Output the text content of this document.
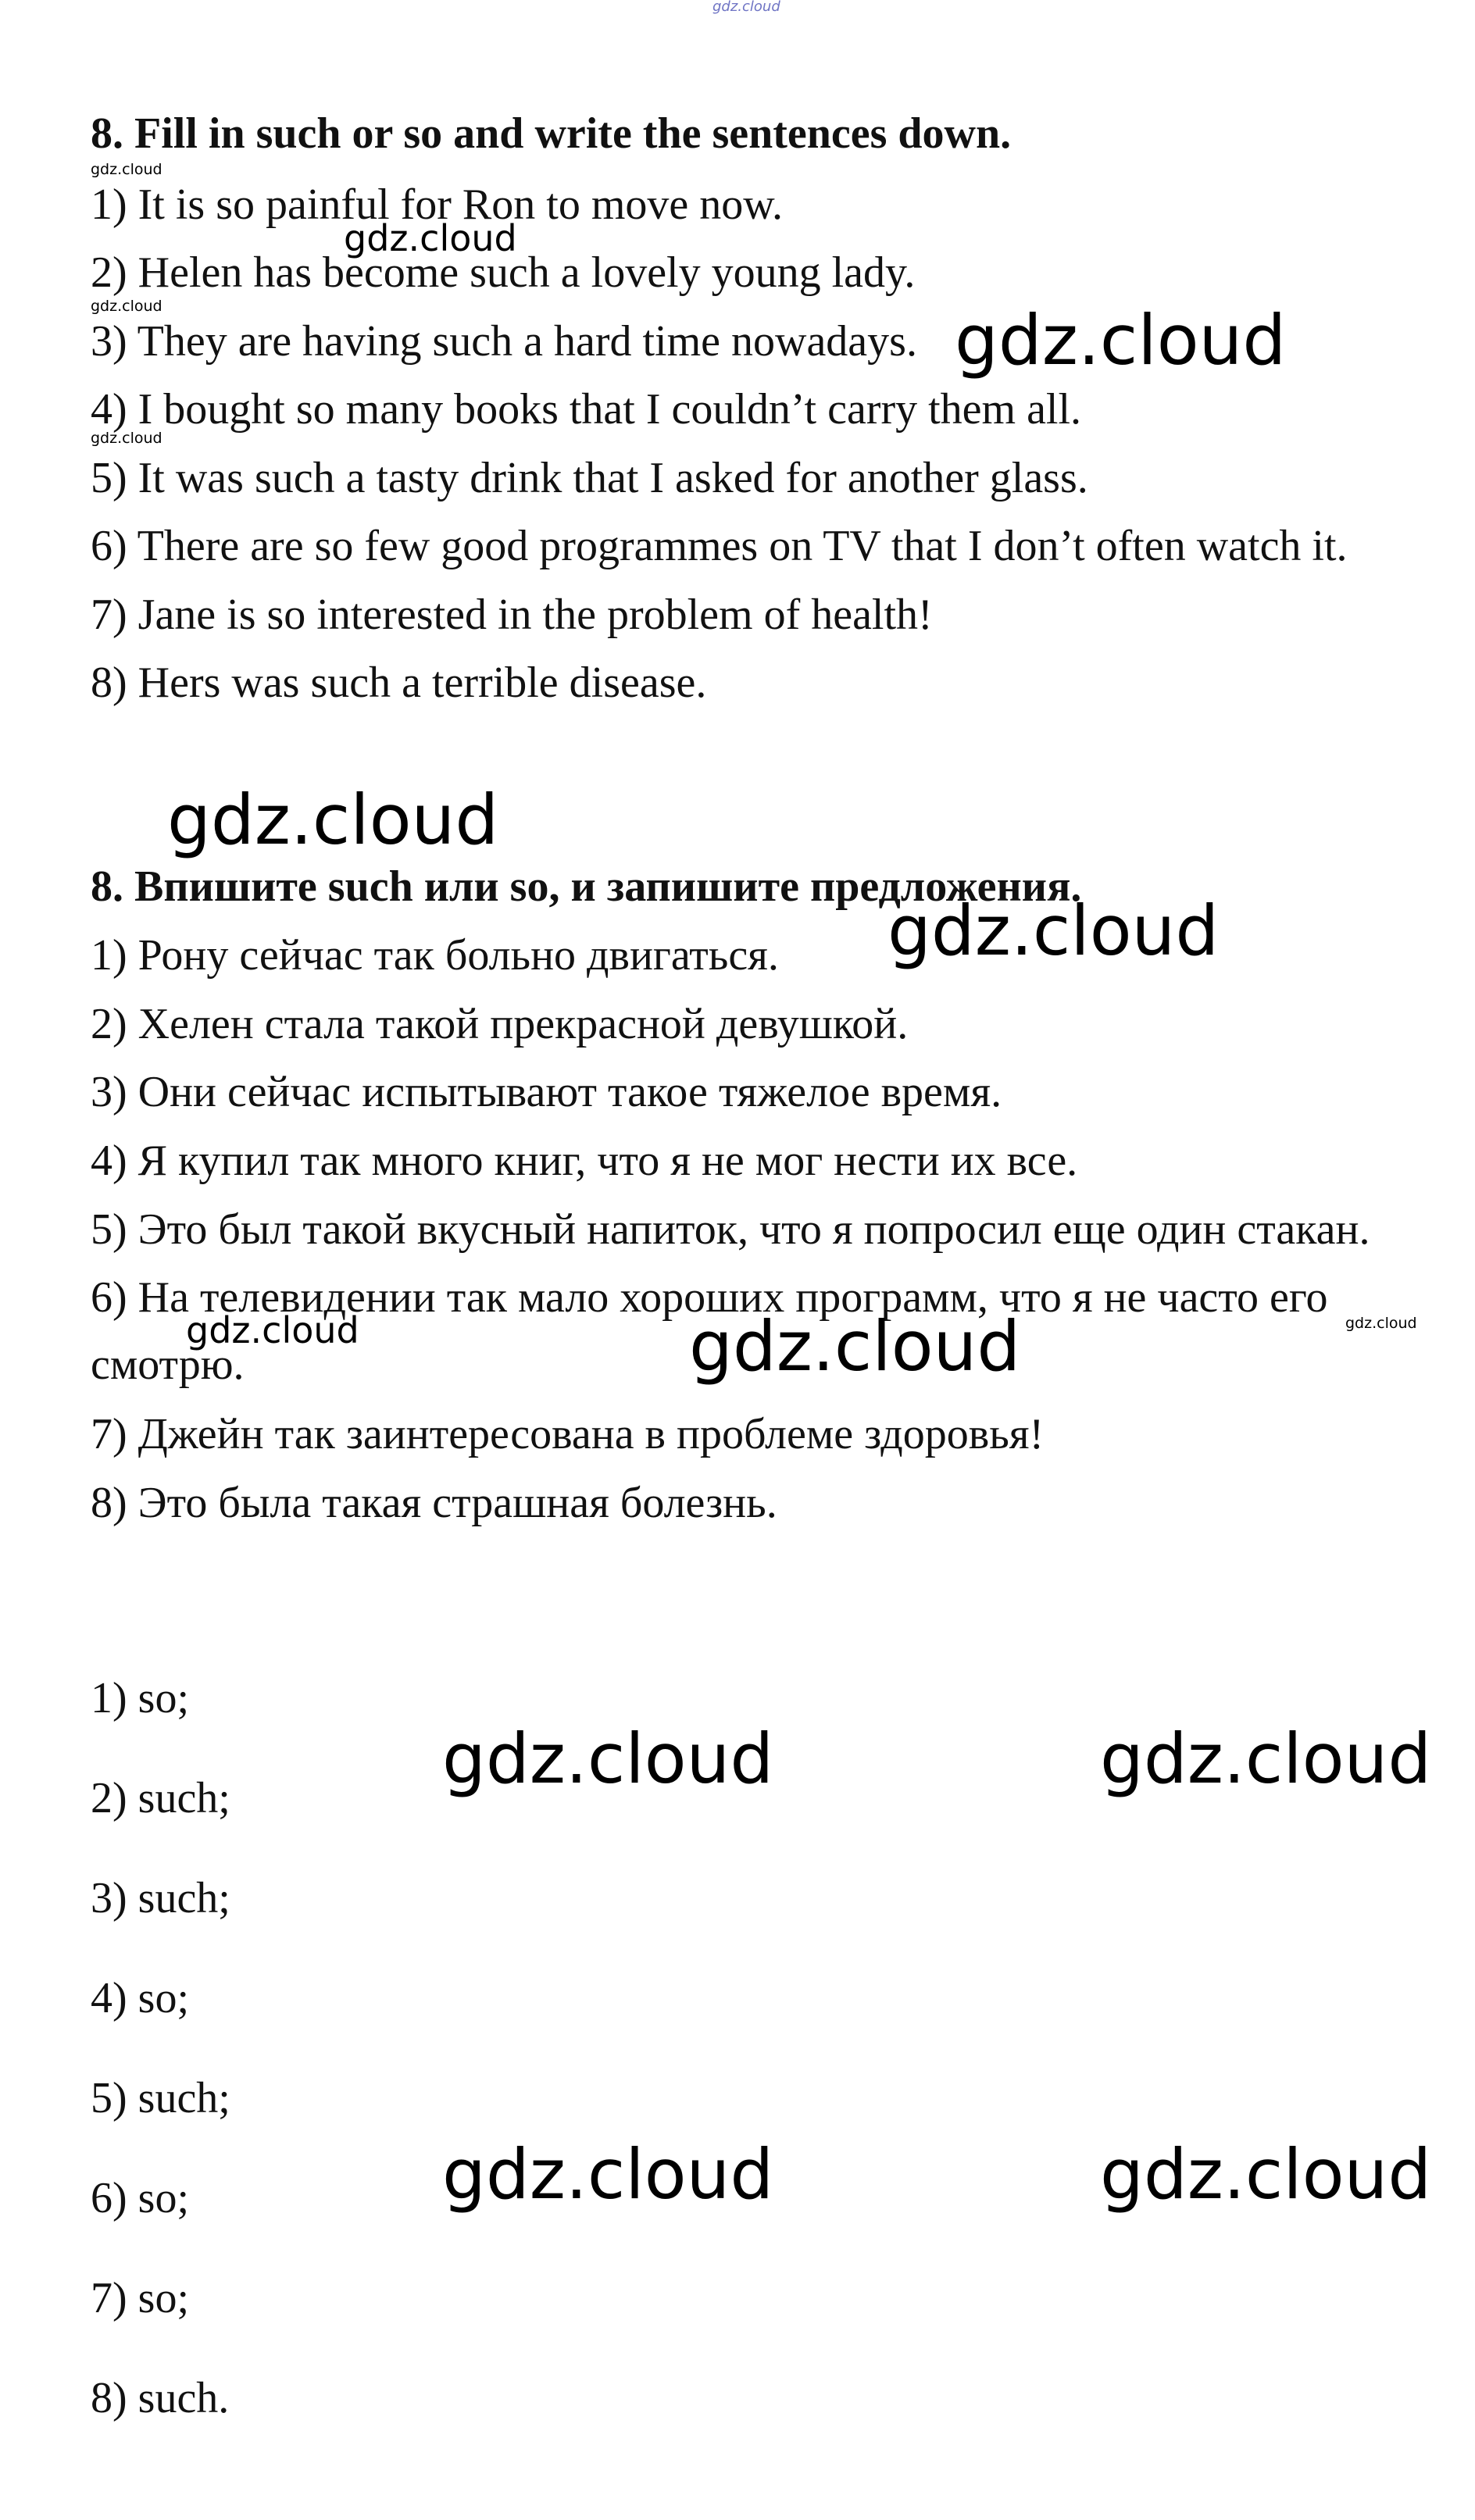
gdz.cloud
8. Fill in such or so and write the sentences down.
1) It is so painful for Ron to move now.
2) Helen has become such a lovely young lady.
3) They are having such a hard time nowadays.
4) I bought so many books that I couldn’t carry them all.
5) It was such a tasty drink that I asked for another glass.
6) There are so few good programmes on TV that I don’t often watch it.
7) Jane is so interested in the problem of health!
8) Hers was such a terrible disease.
8. Впишите such или so, и запишите предложения.
1) Рону сейчас так больно двигаться.
2) Хелен стала такой прекрасной девушкой.
3) Они сейчас испытывают такое тяжелое время.
4) Я купил так много книг, что я не мог нести их все.
5) Это был такой вкусный напиток, что я попросил еще один стакан.
6) На телевидении так мало хороших программ, что я не часто его
смотрю.
7) Джейн так заинтересована в проблеме здоровья!
8) Это была такая страшная болезнь.
1) so;
2) such;
3) such;
4) so;
5) such;
6) so;
7) so;
8) such.
gdz.cloud
gdz.cloud
gdz.cloud	gdz.cloud
gdz.cloud
gdz.cloud
gdz.cloud
gdz.cloud	gdz.cloud	gdz.cloud
gdz.cloud	gdz.cloud
gdz.cloud	gdz.cloud
